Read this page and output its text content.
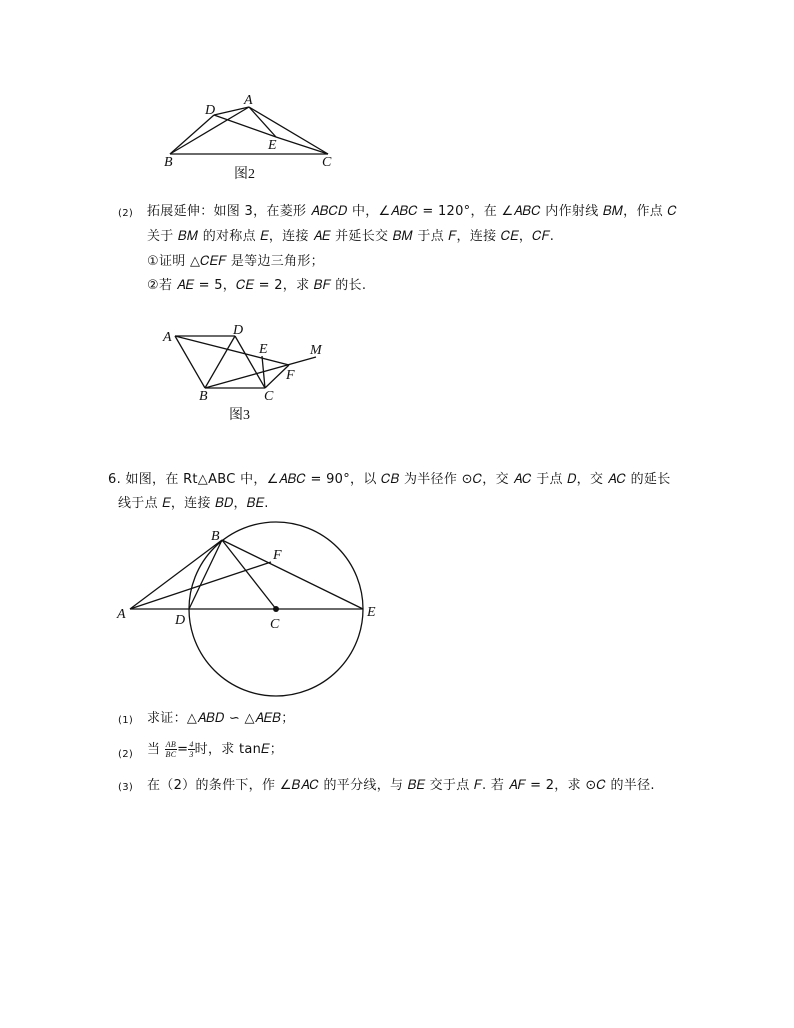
D
A
E
B	C
图2
A	D
E	M
F
B	C
图3
B
F
A	D	C
E
(2) 拓展延伸：如图 3，在菱形 𝐴𝐵𝐶𝐷 中，∠𝐴𝐵𝐶 = 120°，在 ∠𝐴𝐵𝐶 内作射线 𝐵𝑀，作点 𝐶
关于 𝐵𝑀 的对称点 𝐸，连接 𝐴𝐸 并延长交 𝐵𝑀 于点 𝐹，连接 𝐶𝐸，𝐶𝐹.
①证明 △𝐶𝐸𝐹 是等边三角形；
②若 𝐴𝐸 = 5，𝐶𝐸 = 2，求 𝐵𝐹 的长.
6. 如图，在 Rt△ABC 中，∠𝐴𝐵𝐶 = 90°，以 𝐶𝐵 为半径作 ⊙𝐶，交 𝐴𝐶 于点 𝐷，交 𝐴𝐶 的延长
线于点 𝐸，连接 𝐵𝐷，𝐵𝐸.
(1) 求证：△𝐴𝐵𝐷 ∽ △𝐴𝐸𝐵；
(2) 当 $\frac{AB}{BC}= \frac{4}{3}$时，求 tan𝐸；
(3) 在（2）的条件下，作 ∠𝐵𝐴𝐶 的平分线，与 𝐵𝐸 交于点 𝐹. 若 𝐴𝐹 = 2，求 ⊙𝐶 的半径.
